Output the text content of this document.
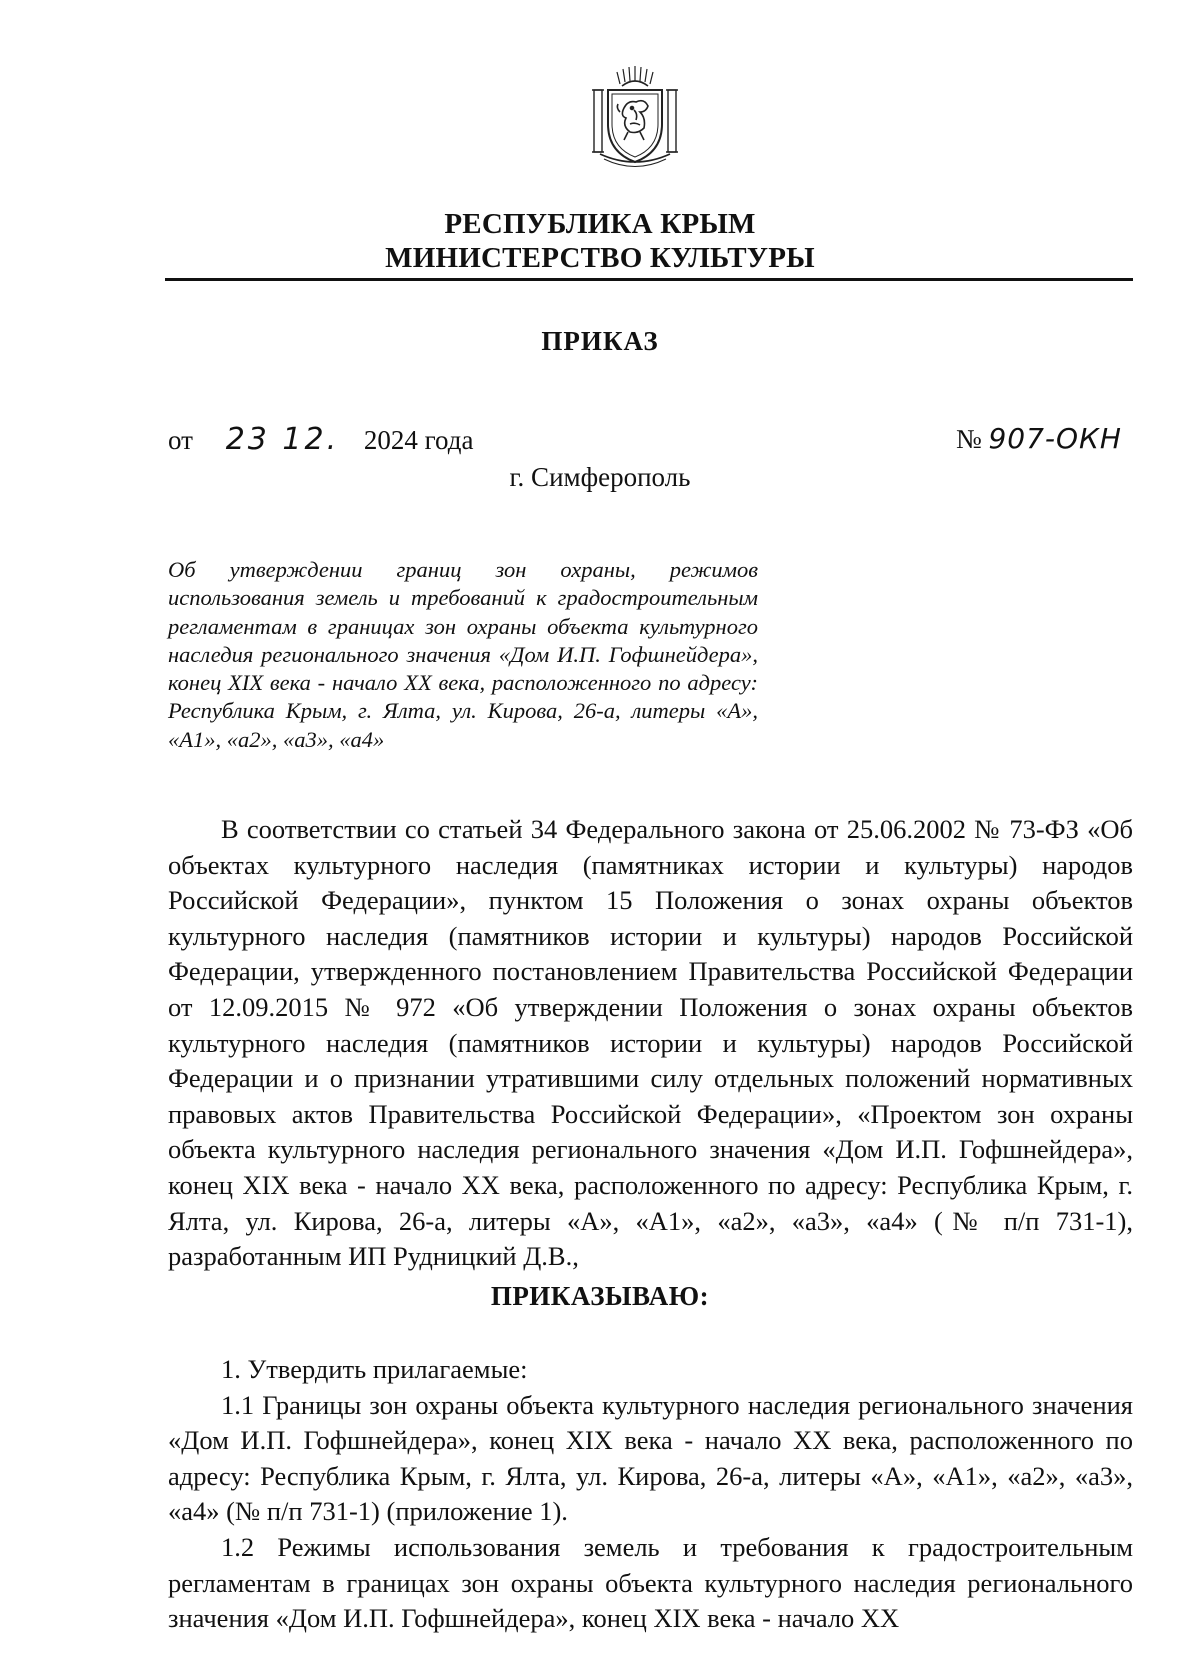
РЕСПУБЛИКА КРЫМ
МИНИСТЕРСТВО КУЛЬТУРЫ
ПРИКАЗ
от 23 12. 2024 года	№ 907-ОКН
г. Симферополь
Об утверждении границ зон охраны, режимов использования земель и требований к градостроительным регламентам в границах зон охраны объекта культурного наследия регионального значения «Дом И.П. Гофшнейдера», конец XIX века - начало XX века, расположенного по адресу: Республика Крым, г. Ялта, ул. Кирова, 26-а, литеры «А», «А1», «а2», «а3», «а4»

В соответствии со статьей 34 Федерального закона от 25.06.2002 № 73-ФЗ «Об объектах культурного наследия (памятниках истории и культуры) народов Российской Федерации», пунктом 15 Положения о зонах охраны объектов культурного наследия (памятников истории и культуры) народов Российской Федерации, утвержденного постановлением Правительства Российской Федерации от 12.09.2015 № 972 «Об утверждении Положения о зонах охраны объектов культурного наследия (памятников истории и культуры) народов Российской Федерации и о признании утратившими силу отдельных положений нормативных правовых актов Правительства Российской Федерации», «Проектом зон охраны объекта культурного наследия регионального значения «Дом И.П. Гофшнейдера», конец XIX века - начало XX века, расположенного по адресу: Республика Крым, г. Ялта, ул. Кирова, 26-а, литеры «А», «А1», «а2», «а3», «а4» (№ п/п 731-1), разработанным ИП Рудницкий Д.В.,

ПРИКАЗЫВАЮ:

1. Утвердить прилагаемые:

1.1 Границы зон охраны объекта культурного наследия регионального значения «Дом И.П. Гофшнейдера», конец XIX века - начало XX века, расположенного по адресу: Республика Крым, г. Ялта, ул. Кирова, 26-а, литеры «А», «А1», «а2», «а3», «а4» (№ п/п 731-1) (приложение 1).

1.2 Режимы использования земель и требования к градостроительным регламентам в границах зон охраны объекта культурного наследия регионального значения «Дом И.П. Гофшнейдера», конец XIX века - начало XX
